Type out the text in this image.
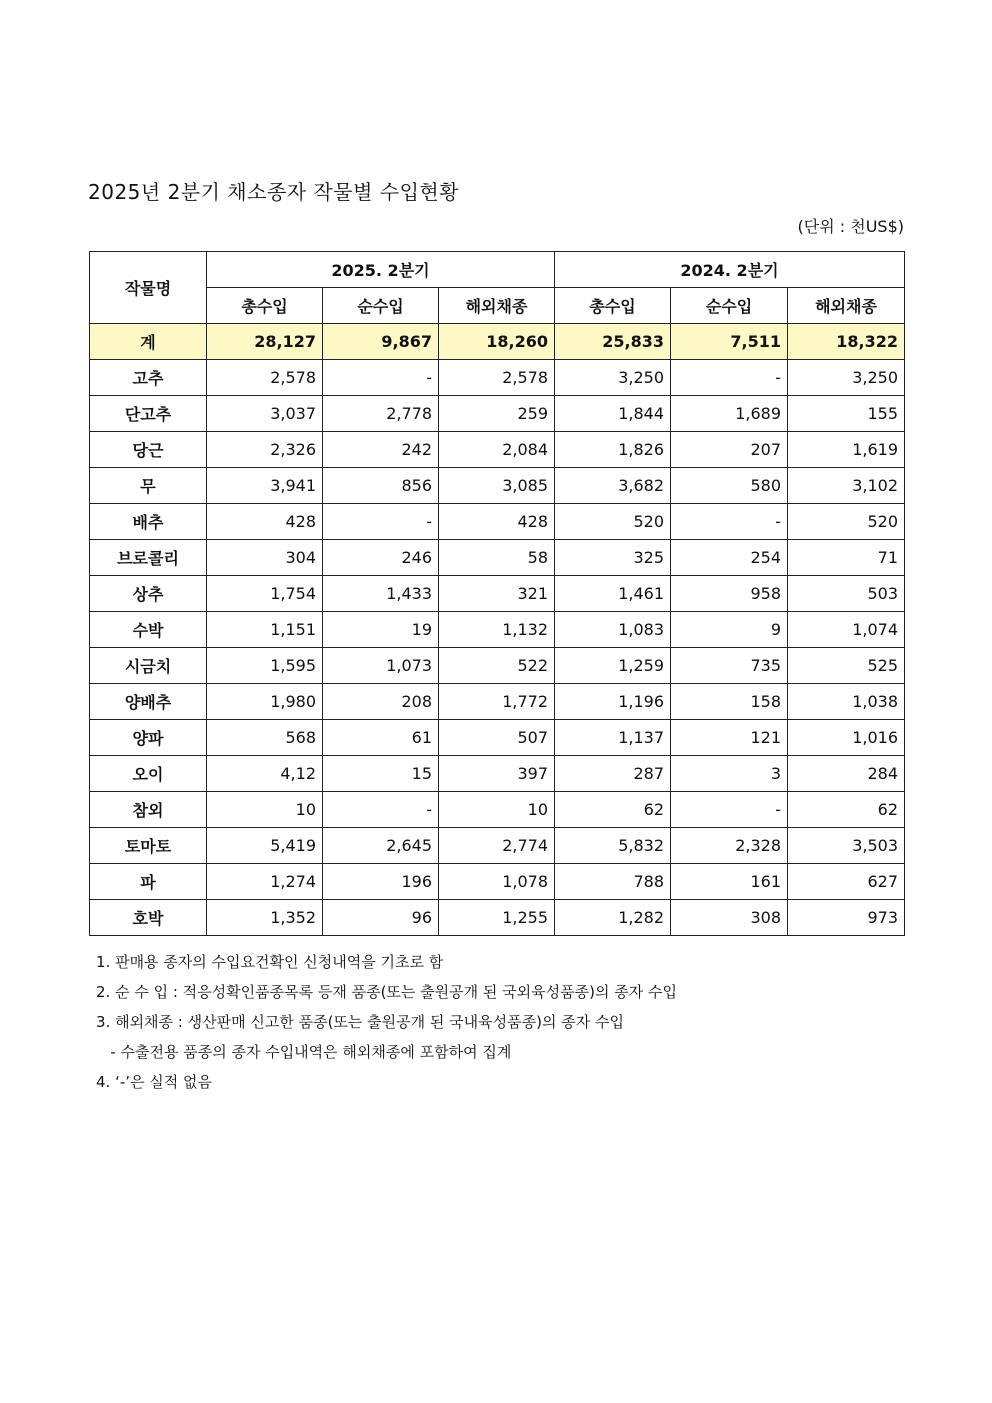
2025년 2분기 채소종자 작물별 수입현황
(단위 : 천US$)
작물명	2025. 2분기			2024. 2분기		
	총수입	순수입	해외채종	총수입	순수입	해외채종
계	28,127	9,867	18,260	25,833	7,511	18,322
고추	2,578	-	2,578	3,250	-	3,250
단고추	3,037	2,778	259	1,844	1,689	155
당근	2,326	242	2,084	1,826	207	1,619
무	3,941	856	3,085	3,682	580	3,102
배추	428	-	428	520	-	520
브로콜리	304	246	58	325	254	71
상추	1,754	1,433	321	1,461	958	503
수박	1,151	19	1,132	1,083	9	1,074
시금치	1,595	1,073	522	1,259	735	525
양배추	1,980	208	1,772	1,196	158	1,038
양파	568	61	507	1,137	121	1,016
오이	4,12	15	397	287	3	284
참외	10	-	10	62	-	62
토마토	5,419	2,645	2,774	5,832	2,328	3,503
파	1,274	196	1,078	788	161	627
호박	1,352	96	1,255	1,282	308	973
1. 판매용 종자의 수입요건확인 신청내역을 기초로 함
2. 순 수 입 : 적응성확인품종목록 등재 품종(또는 출원공개 된 국외육성품종)의 종자 수입
3. 해외채종 : 생산판매 신고한 품종(또는 출원공개 된 국내육성품종)의 종자 수입
- 수출전용 품종의 종자 수입내역은 해외채종에 포함하여 집계
4. ‘-’은 실적 없음
